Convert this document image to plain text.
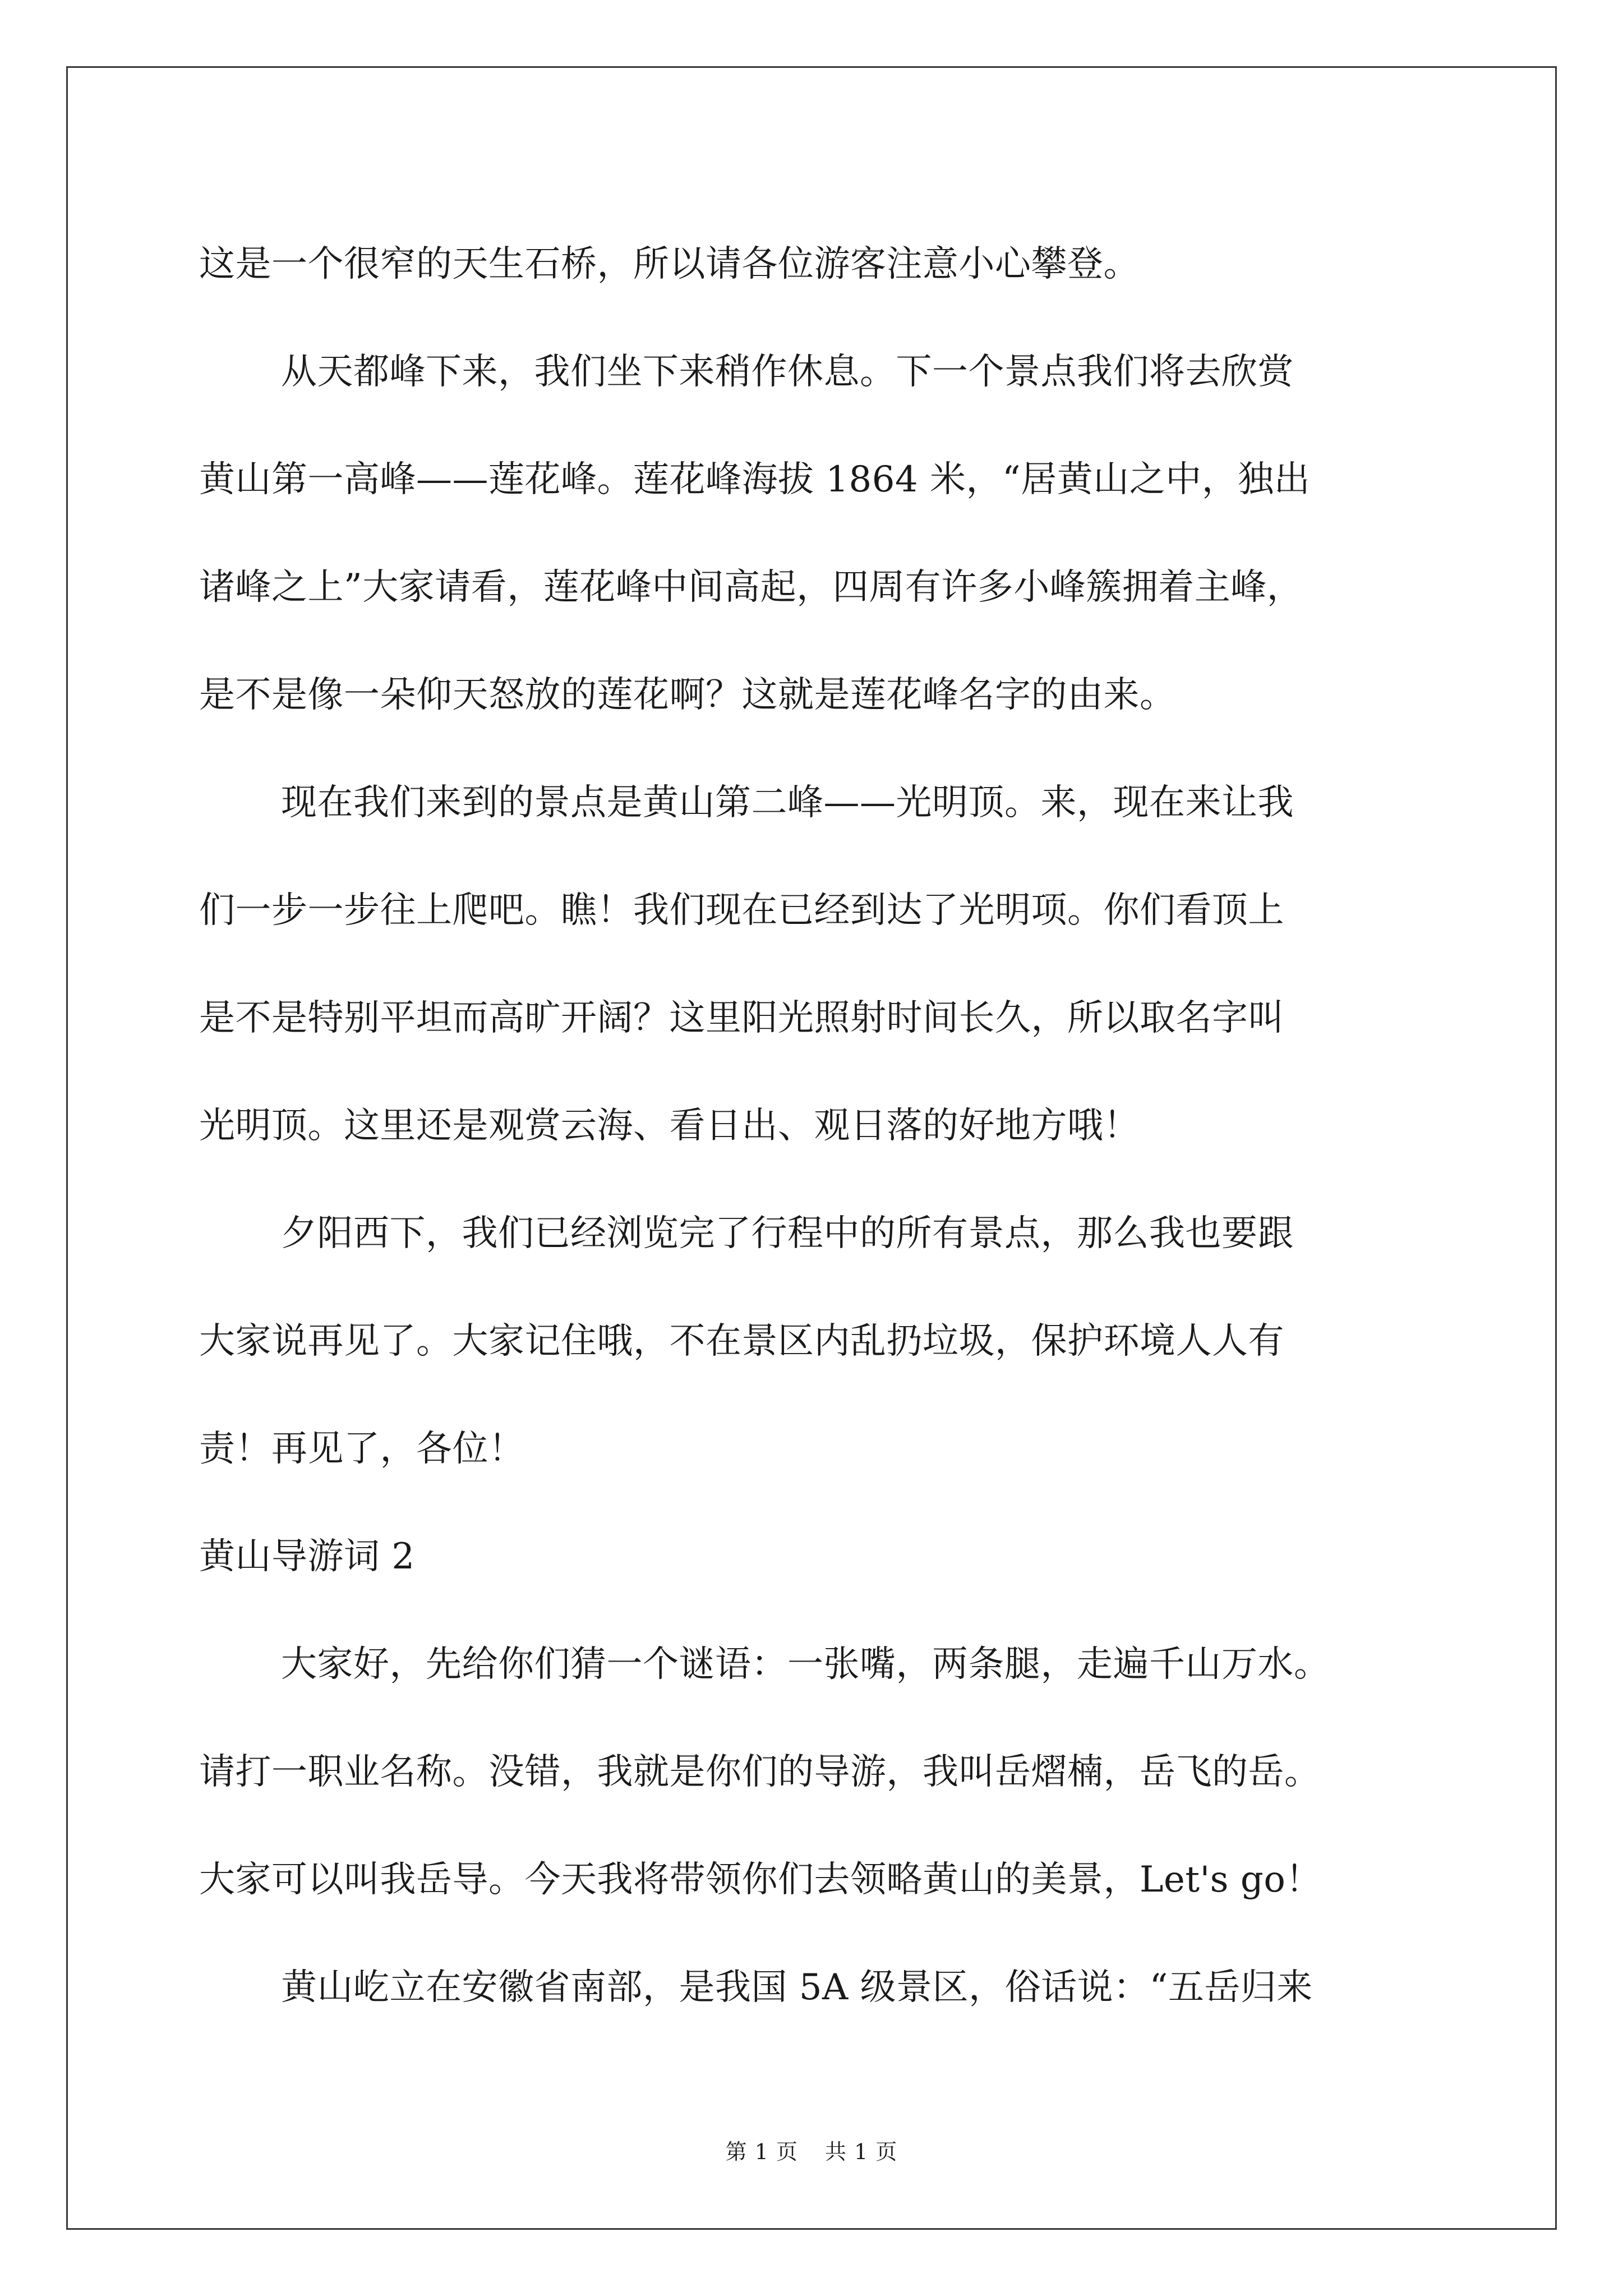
这是一个很窄的天生石桥，所以请各位游客注意小心攀登。
从天都峰下来，我们坐下来稍作休息。下一个景点我们将去欣赏
黄山第一高峰——莲花峰。莲花峰海拔 1864 米，“居黄山之中，独出
诸峰之上”大家请看，莲花峰中间高起，四周有许多小峰簇拥着主峰，
是不是像一朵仰天怒放的莲花啊？这就是莲花峰名字的由来。
现在我们来到的景点是黄山第二峰——光明顶。来，现在来让我
们一步一步往上爬吧。瞧！我们现在已经到达了光明项。你们看顶上
是不是特别平坦而高旷开阔？这里阳光照射时间长久，所以取名字叫
光明顶。这里还是观赏云海、看日出、观日落的好地方哦！
夕阳西下，我们已经浏览完了行程中的所有景点，那么我也要跟
大家说再见了。大家记住哦，不在景区内乱扔垃圾，保护环境人人有
责！再见了，各位！
黄山导游词 2
大家好，先给你们猜一个谜语：一张嘴，两条腿，走遍千山万水。
请打一职业名称。没错，我就是你们的导游，我叫岳熠楠，岳飞的岳。
大家可以叫我岳导。今天我将带领你们去领略黄山的美景，Let's go！
黄山屹立在安徽省南部，是我国 5A 级景区，俗话说：“五岳归来
第 1 页 共 1 页
